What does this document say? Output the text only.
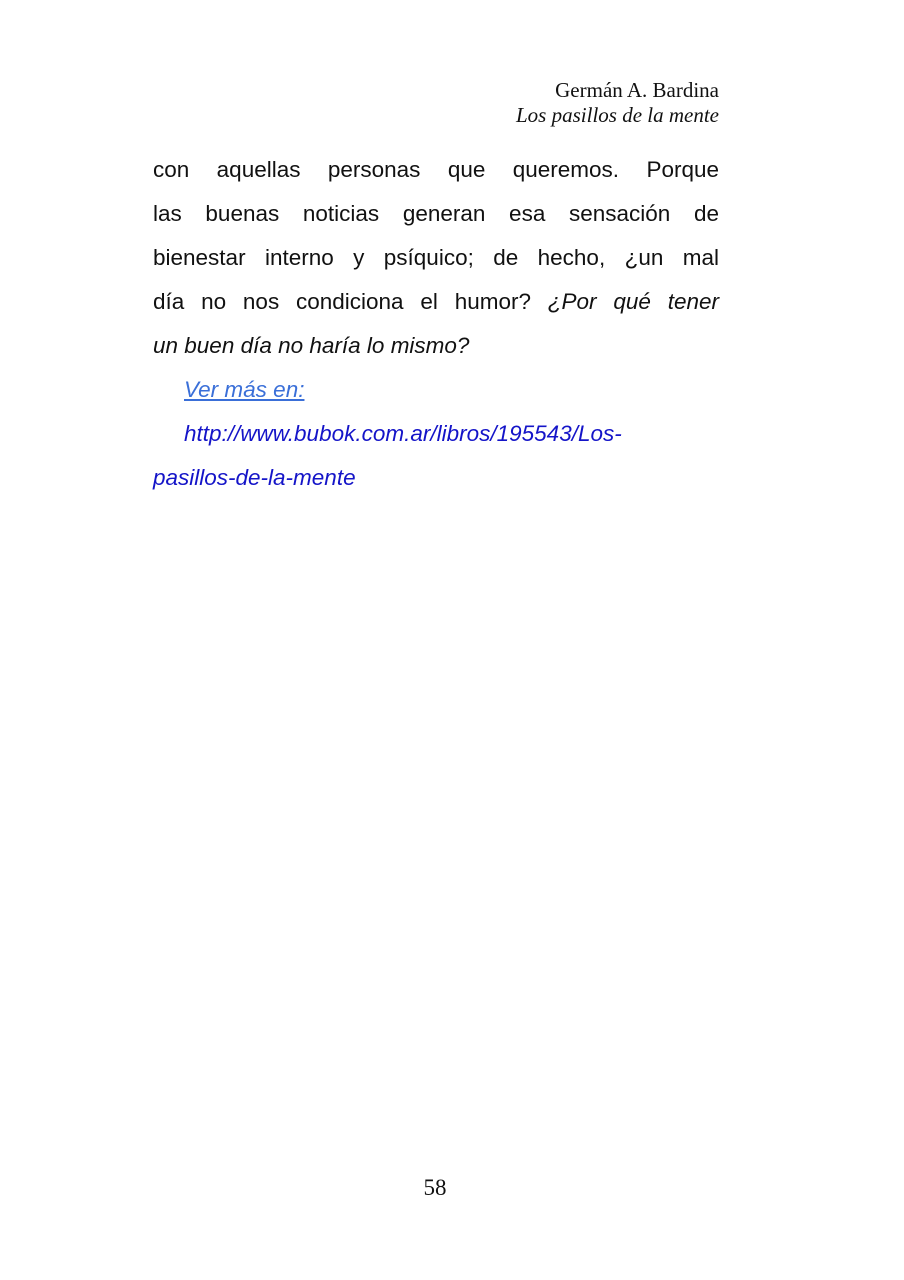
Germán A. Bardina
Los pasillos de la mente
con aquellas personas que queremos. Porque
las buenas noticias generan esa sensación de
bienestar interno y psíquico; de hecho, ¿un mal
día no nos condiciona el humor? ¿Por qué tener
un buen día no haría lo mismo?
Ver más en:
http://www.bubok.com.ar/libros/195543/Los-
pasillos-de-la-mente
58
